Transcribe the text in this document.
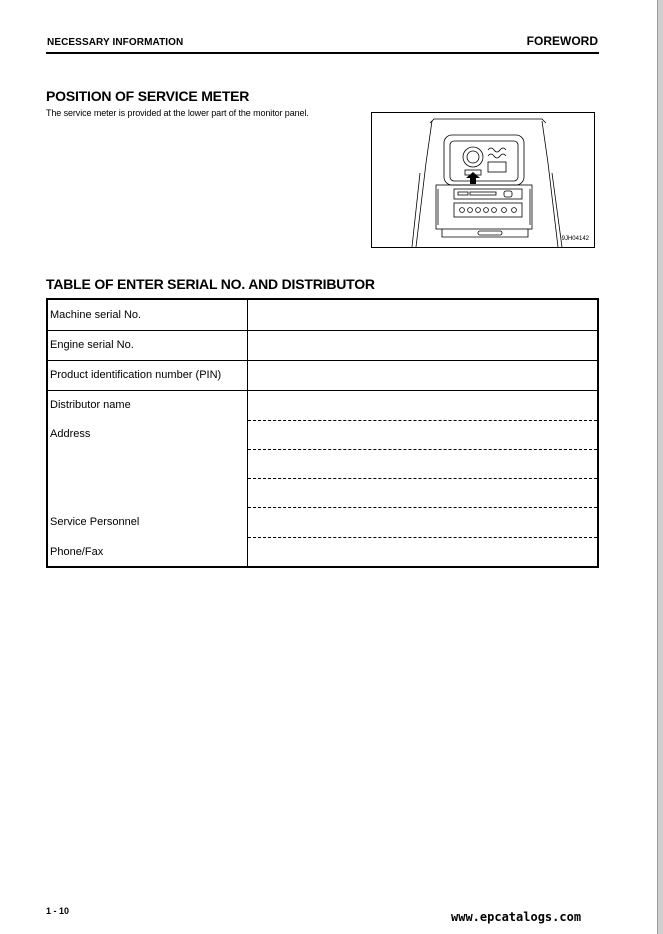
NECESSARY INFORMATION	FOREWORD
POSITION OF SERVICE METER
The service meter is provided at the lower part of the monitor panel.
9JH04142
TABLE OF ENTER SERIAL NO. AND DISTRIBUTOR
Machine serial No.
Engine serial No.
Product identification number (PIN)
Distributor name
Address
Service Personnel
Phone/Fax
1 - 10	www.epcatalogs.com
